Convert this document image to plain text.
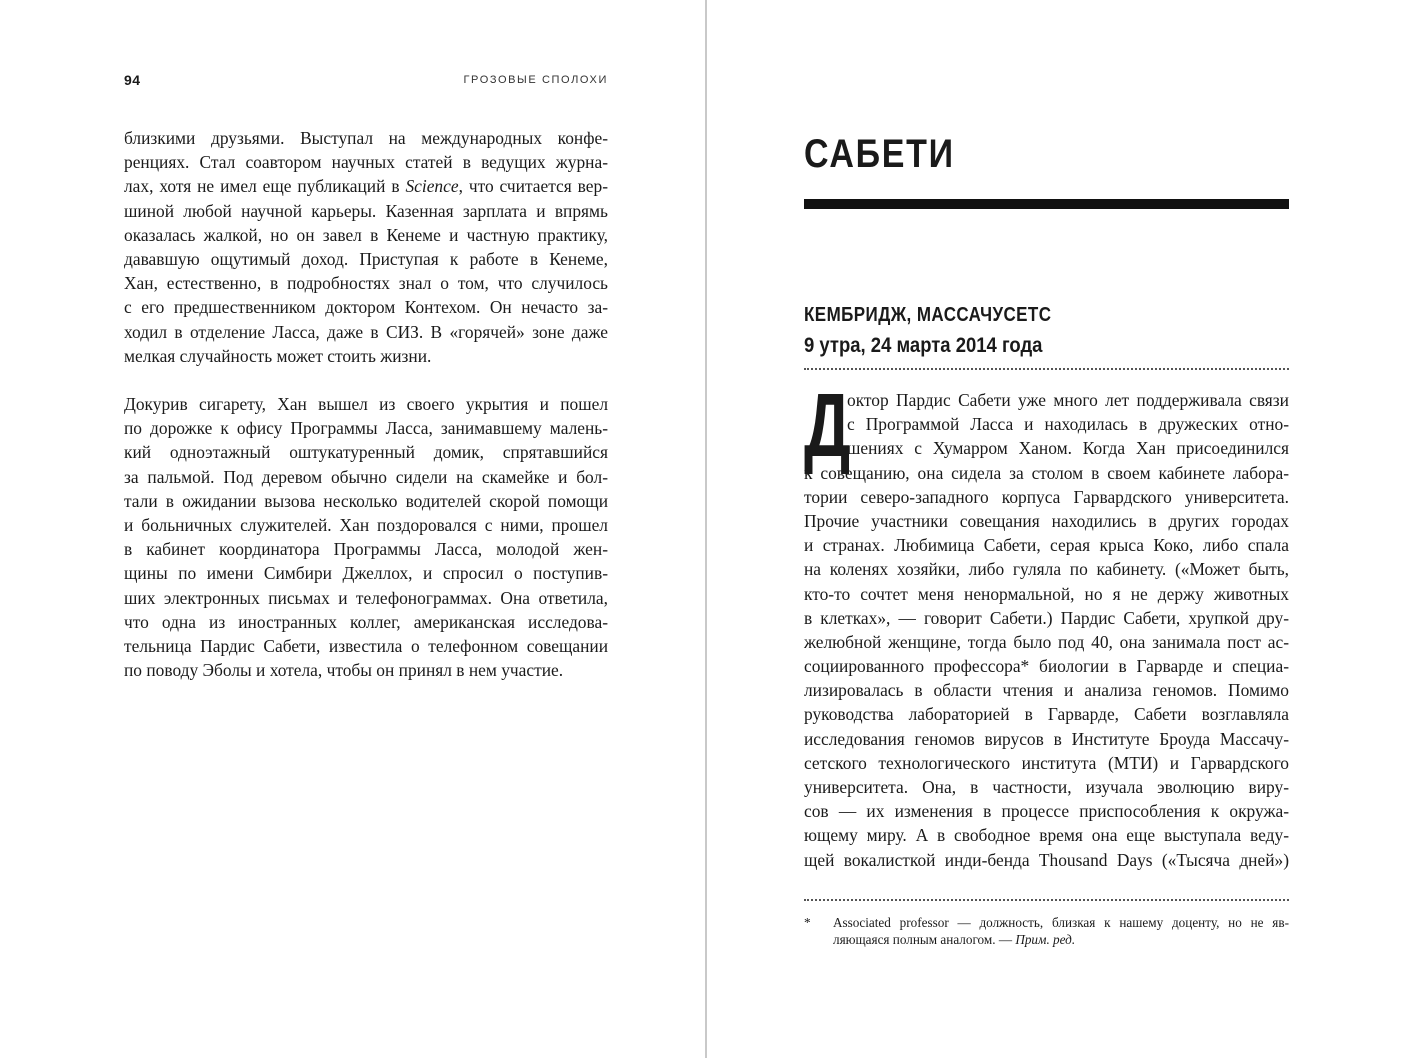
94	ГРОЗОВЫЕ СПОЛОХИ
близкими друзьями. Выступал на международных конфе-
ренциях. Стал соавтором научных статей в ведущих журна-
лах, хотя не имел еще публикаций в Science, что считается вер-
шиной любой научной карьеры. Казенная зарплата и впрямь
оказалась жалкой, но он завел в Кенеме и частную практику,
дававшую ощутимый доход. Приступая к работе в Кенеме,
Хан, естественно, в подробностях знал о том, что случилось
с его предшественником доктором Контехом. Он нечасто за-
ходил в отделение Ласса, даже в СИЗ. В «горячей» зоне даже
мелкая случайность может стоить жизни.
Докурив сигарету, Хан вышел из своего укрытия и пошел
по дорожке к офису Программы Ласса, занимавшему малень-
кий одноэтажный оштукатуренный домик, спрятавшийся
за пальмой. Под деревом обычно сидели на скамейке и бол-
тали в ожидании вызова несколько водителей скорой помощи
и больничных служителей. Хан поздоровался с ними, прошел
в кабинет координатора Программы Ласса, молодой жен-
щины по имени Симбири Джеллох, и спросил о поступив-
ших электронных письмах и телефонограммах. Она ответила,
что одна из иностранных коллег, американская исследова-
тельница Пардис Сабети, известила о телефонном совещании
по поводу Эболы и хотела, чтобы он принял в нем участие.
САБЕТИ
КЕМБРИДЖ, МАССАЧУСЕТС
9 утра, 24 марта 2014 года
Д
октор Пардис Сабети уже много лет поддерживала связи
с Программой Ласса и находилась в дружеских отно-
шениях с Хумарром Ханом. Когда Хан присоединился
к совещанию, она сидела за столом в своем кабинете лабора-
тории северо-западного корпуса Гарвардского университета.
Прочие участники совещания находились в других городах
и странах. Любимица Сабети, серая крыса Коко, либо спала
на коленях хозяйки, либо гуляла по кабинету. («Может быть,
кто-то сочтет меня ненормальной, но я не держу животных
в клетках», — говорит Сабети.) Пардис Сабети, хрупкой дру-
желюбной женщине, тогда было под 40, она занимала пост ас-
социированного профессора* биологии в Гарварде и специа-
лизировалась в области чтения и анализа геномов. Помимо
руководства лабораторией в Гарварде, Сабети возглавляла
исследования геномов вирусов в Институте Броуда Массачу-
сетского технологического института (МТИ) и Гарвардского
университета. Она, в частности, изучала эволюцию виру-
сов — их изменения в процессе приспособления к окружа-
ющему миру. А в свободное время она еще выступала веду-
щей вокалисткой инди-бенда Thousand Days («Тысяча дней»)
* Associated professor — должность, близкая к нашему доценту, но не яв-
ляющаяся полным аналогом. — Прим. ред.
